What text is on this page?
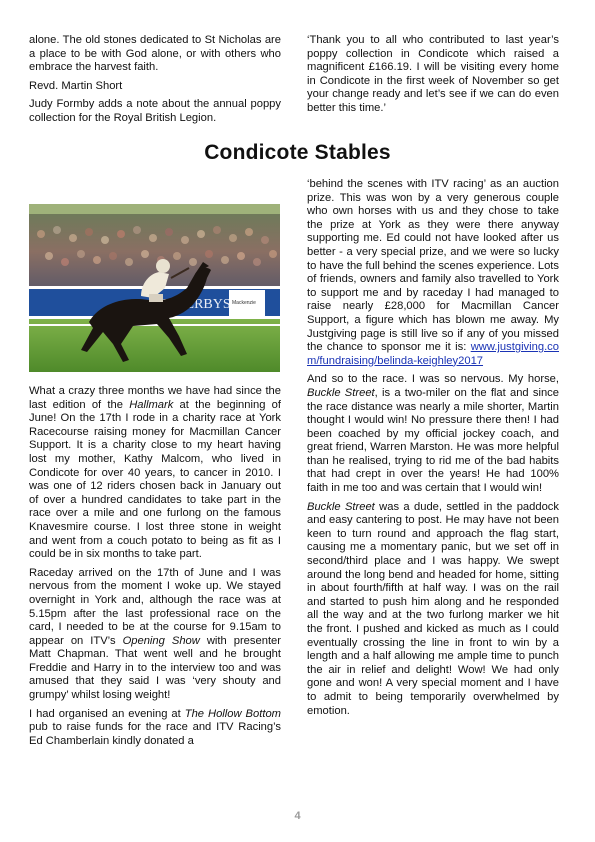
alone. The old stones dedicated to St Nicholas are a place to be with God alone, or with others who embrace the harvest faith.

Revd. Martin Short

Judy Formby adds a note about the annual poppy collection for the Royal British Legion.

‘Thank you to all who contributed to last year’s poppy collection in Condicote which raised a magnificent £166.19. I will be visiting every home in Condicote in the first week of November so get your change ready and let’s see if we can do even better this time.’

Condicote Stables
Mackenzie

What a crazy three months we have had since the last edition of the Hallmark at the beginning of June! On the 17th I rode in a charity race at York Racecourse raising money for Macmillan Cancer Support. It is a charity close to my heart having lost my mother, Kathy Malcom, who lived in Condicote for over 40 years, to cancer in 2010. I was one of 12 riders chosen back in January out of over a hundred candidates to take part in the race over a mile and one furlong on the famous Knavesmire course. I lost three stone in weight and went from a couch potato to being as fit as I could be in six months to take part.

Raceday arrived on the 17th of June and I was nervous from the moment I woke up. We stayed overnight in York and, although the race was at 5.15pm after the last professional race on the card, I needed to be at the course for 9.15am to appear on ITV’s Opening Show with presenter Matt Chapman. That went well and he brought Freddie and Harry in to the interview too and was amused that they said I was ‘very shouty and grumpy’ whilst losing weight!

I had organised an evening at The Hollow Bottom pub to raise funds for the race and ITV Racing’s Ed Chamberlain kindly donated a

‘behind the scenes with ITV racing’ as an auction prize. This was won by a very generous couple who own horses with us and they chose to take the prize at York as they were there anyway supporting me. Ed could not have looked after us better - a very special prize, and we were so lucky to have the full behind the scenes experience. Lots of friends, owners and family also travelled to York to support me and by raceday I had managed to raise nearly £28,000 for Macmillan Cancer Support, a figure which has blown me away. My Justgiving page is still live so if any of you missed the chance to sponsor me it is: www.justgiving.com/fundraising/belinda-keighley2017

And so to the race. I was so nervous. My horse, Buckle Street, is a two-miler on the flat and since the race distance was nearly a mile shorter, Martin thought I would win! No pressure there then! I had been coached by my official jockey coach, and great friend, Warren Marston. He was more helpful than he realised, trying to rid me of the bad habits that had crept in over the years! He had 100% faith in me too and was certain that I would win!

Buckle Street was a dude, settled in the paddock and easy cantering to post. He may have not been keen to turn round and approach the flag start, causing me a momentary panic, but we set off in second/third place and I was happy. We swept around the long bend and headed for home, sitting in about fourth/fifth at half way. I was on the rail and started to push him along and he responded all the way and at the two furlong marker we hit the front. I pushed and kicked as much as I could eventually crossing the line in front to win by a length and a half allowing me ample time to punch the air in relief and delight! Wow! We had only gone and won! A very special moment and I have to admit to being temporarily overwhelmed by emotion.

4
